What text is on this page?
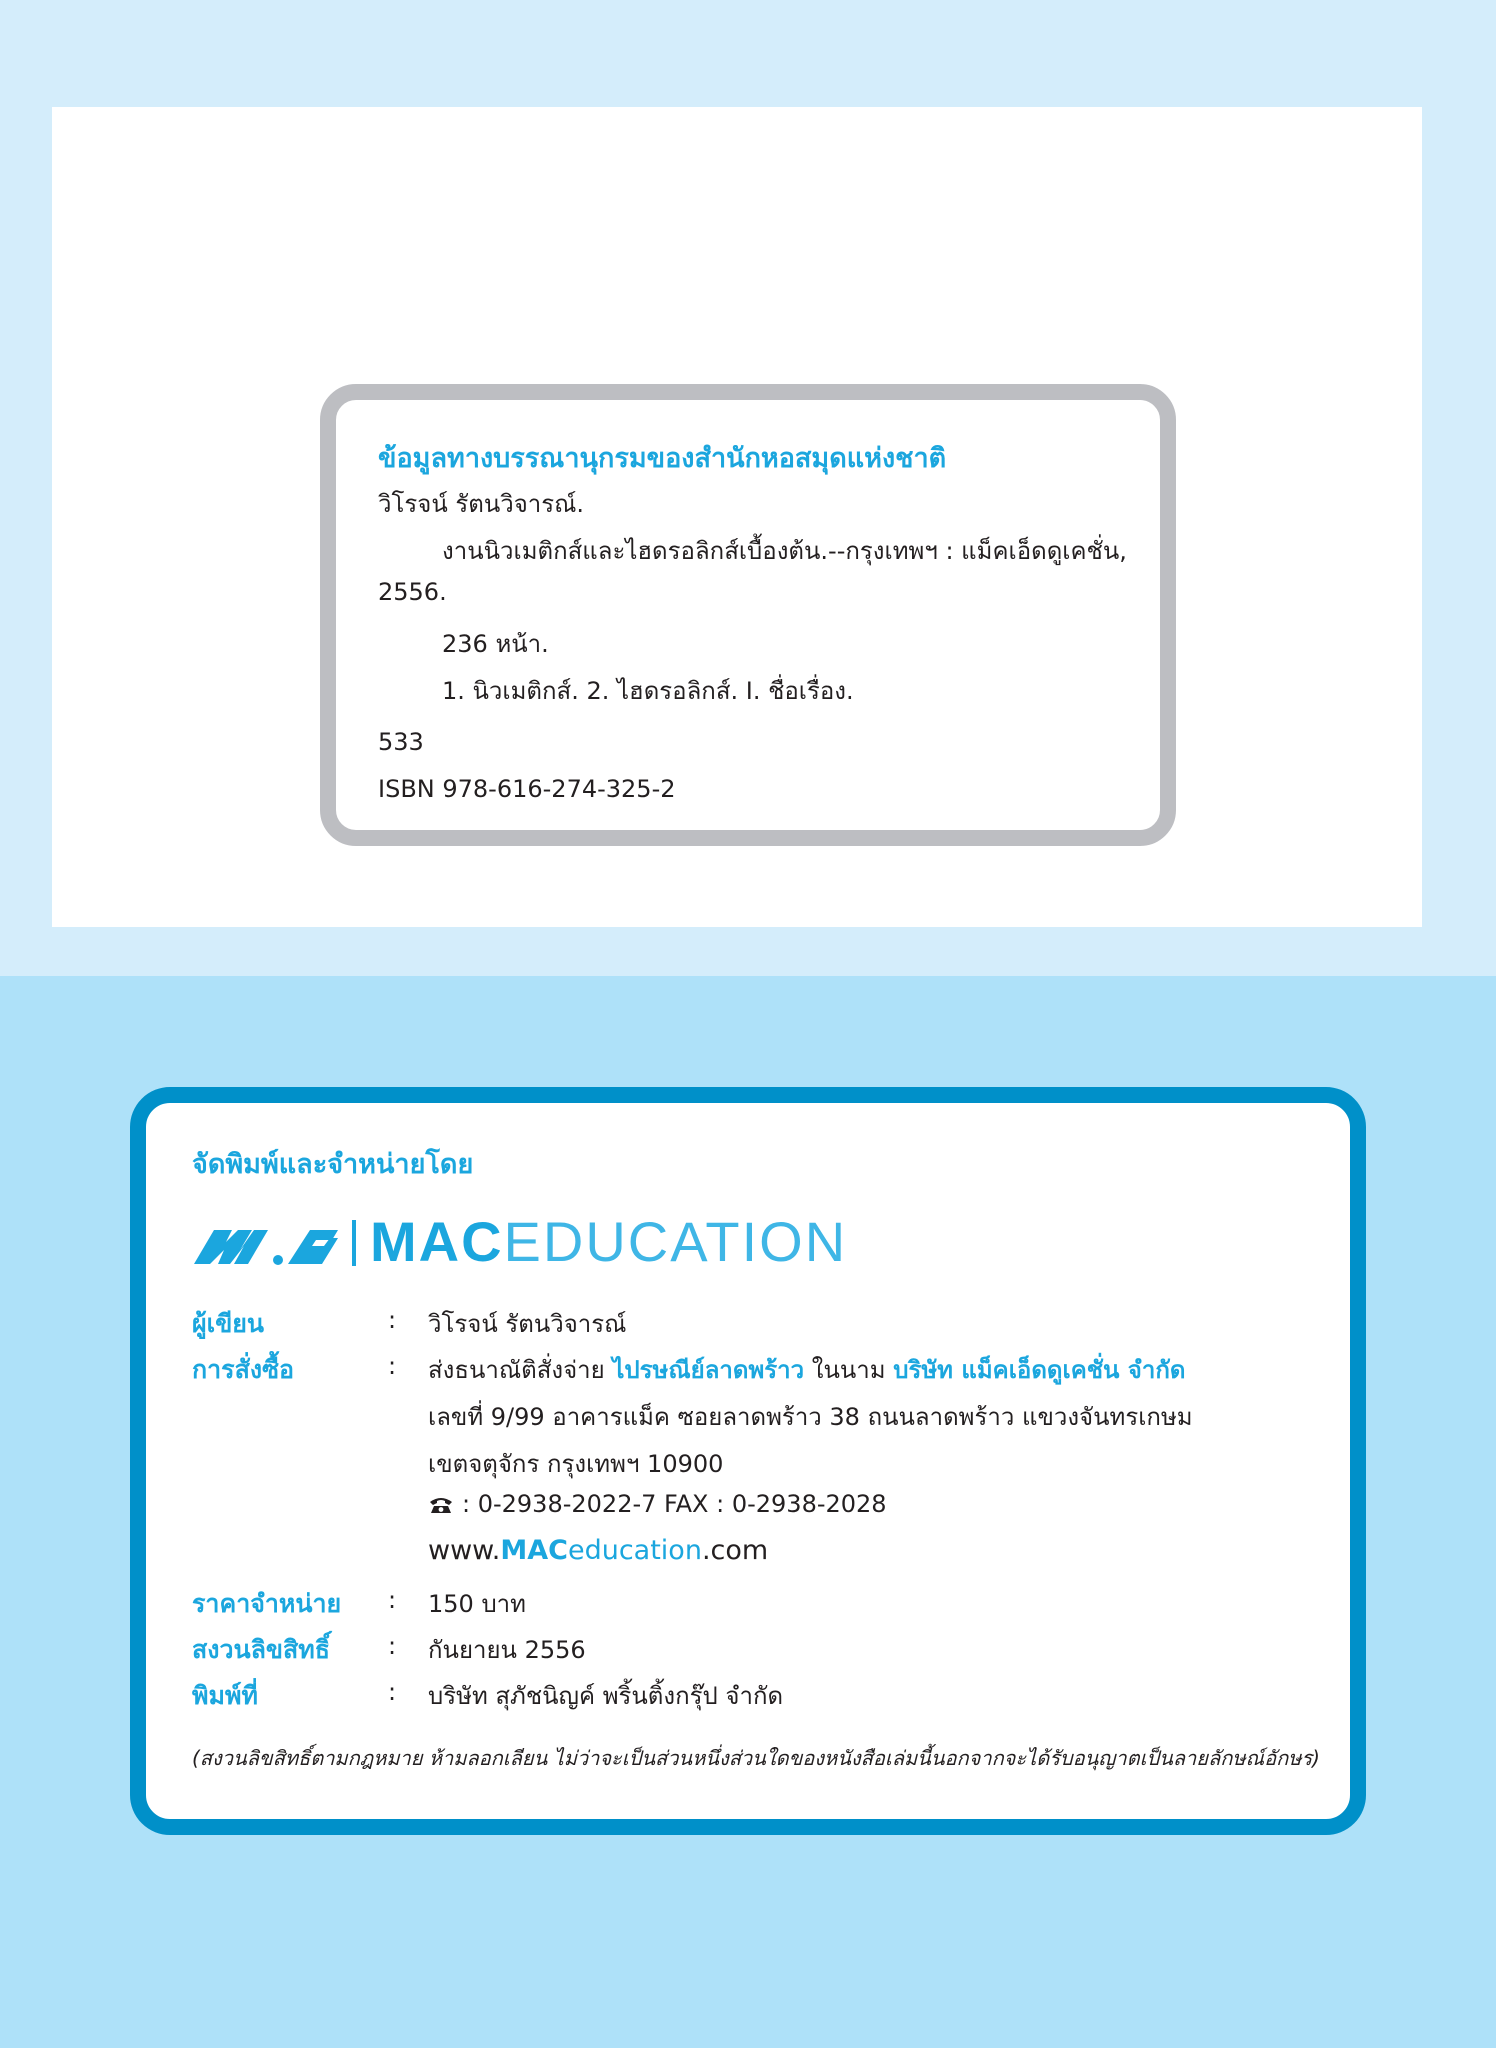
ข้อมูลทางบรรณานุกรมของสำนักหอสมุดแห่งชาติ
วิโรจน์ รัตนวิจารณ์.
งานนิวเมติกส์และไฮดรอลิกส์เบื้องต้น.--กรุงเทพฯ : แม็คเอ็ดดูเคชั่น,
2556.
236 หน้า.
1. นิวเมติกส์. 2. ไฮดรอลิกส์. I. ชื่อเรื่อง.
533
ISBN 978-616-274-325-2
จัดพิมพ์และจำหน่ายโดย
MACEDUCATION
ผู้เขียน	: วิโรจน์ รัตนวิจารณ์
การสั่งซื้อ	: ส่งธนาณัติสั่งจ่าย ไปรษณีย์ลาดพร้าว ในนาม บริษัท แม็คเอ็ดดูเคชั่น จำกัด
เลขที่ 9/99 อาคารแม็ค ซอยลาดพร้าว 38 ถนนลาดพร้าว แขวงจันทรเกษม
เขตจตุจักร กรุงเทพฯ 10900
: 0-2938-2022-7 FAX : 0-2938-2028
www.MACeducation.com
ราคาจำหน่าย : 150 บาท
สงวนลิขสิทธิ์ : กันยายน 2556
พิมพ์ที่	: บริษัท สุภัชนิญค์ พริ้นติ้งกรุ๊ป จำกัด
(สงวนลิขสิทธิ์ตามกฎหมาย ห้ามลอกเลียน ไม่ว่าจะเป็นส่วนหนึ่งส่วนใดของหนังสือเล่มนี้นอกจากจะได้รับอนุญาตเป็นลายลักษณ์อักษร)
